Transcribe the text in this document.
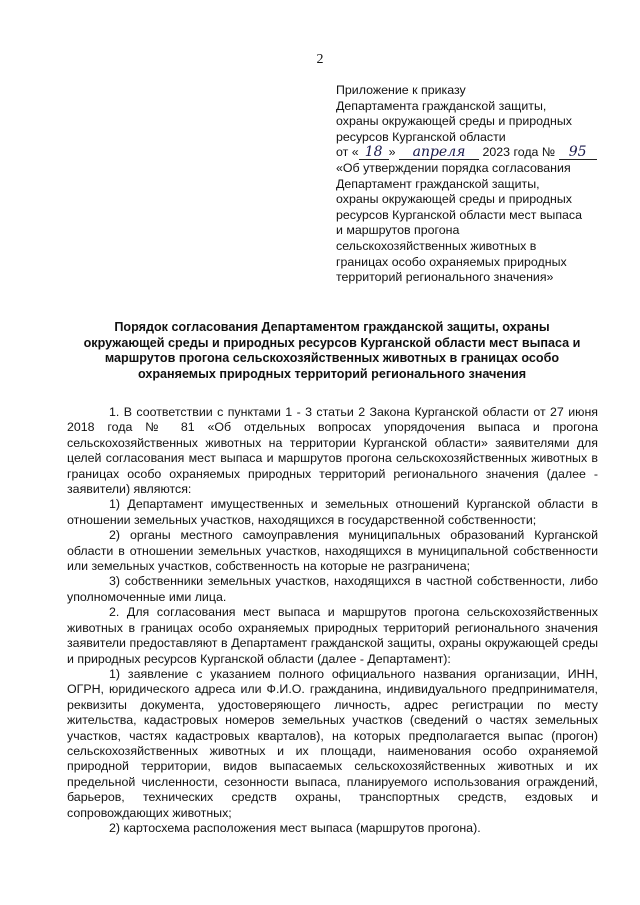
2
Приложение к приказу
Департамента гражданской защиты,
охраны окружающей среды и природных
ресурсов Курганской области
от « 18 » апреля 2023 года № 95
«Об утверждении порядка согласования
Департамент гражданской защиты,
охраны окружающей среды и природных
ресурсов Курганской области мест выпаса
и маршрутов прогона
сельскохозяйственных животных в
границах особо охраняемых природных
территорий регионального значения»
Порядок согласования Департаментом гражданской защиты, охраны
окружающей среды и природных ресурсов Курганской области мест выпаса и
маршрутов прогона сельскохозяйственных животных в границах особо
охраняемых природных территорий регионального значения

1. В соответствии с пунктами 1 - 3 статьи 2 Закона Курганской области от 27 июня 2018 года № 81 «Об отдельных вопросах упорядочения выпаса и прогона сельскохозяйственных животных на территории Курганской области» заявителями для целей согласования мест выпаса и маршрутов прогона сельскохозяйственных животных в границах особо охраняемых природных территорий регионального значения (далее - заявители) являются:

1) Департамент имущественных и земельных отношений Курганской области в отношении земельных участков, находящихся в государственной собственности;

2) органы местного самоуправления муниципальных образований Курганской области в отношении земельных участков, находящихся в муниципальной собственности или земельных участков, собственность на которые не разграничена;

3) собственники земельных участков, находящихся в частной собственности, либо уполномоченные ими лица.

2. Для согласования мест выпаса и маршрутов прогона сельскохозяйственных животных в границах особо охраняемых природных территорий регионального значения заявители предоставляют в Департамент гражданской защиты, охраны окружающей среды и природных ресурсов Курганской области (далее - Департамент):

1) заявление с указанием полного официального названия организации, ИНН, ОГРН, юридического адреса или Ф.И.О. гражданина, индивидуального предпринимателя, реквизиты документа, удостоверяющего личность, адрес регистрации по месту жительства, кадастровых номеров земельных участков (сведений о частях земельных участков, частях кадастровых кварталов), на которых предполагается выпас (прогон) сельскохозяйственных животных и их площади, наименования особо охраняемой природной территории, видов выпасаемых сельскохозяйственных животных и их предельной численности, сезонности выпаса, планируемого использования ограждений, барьеров, технических средств охраны, транспортных средств, ездовых и сопровождающих животных;

2) картосхема расположения мест выпаса (маршрутов прогона).
